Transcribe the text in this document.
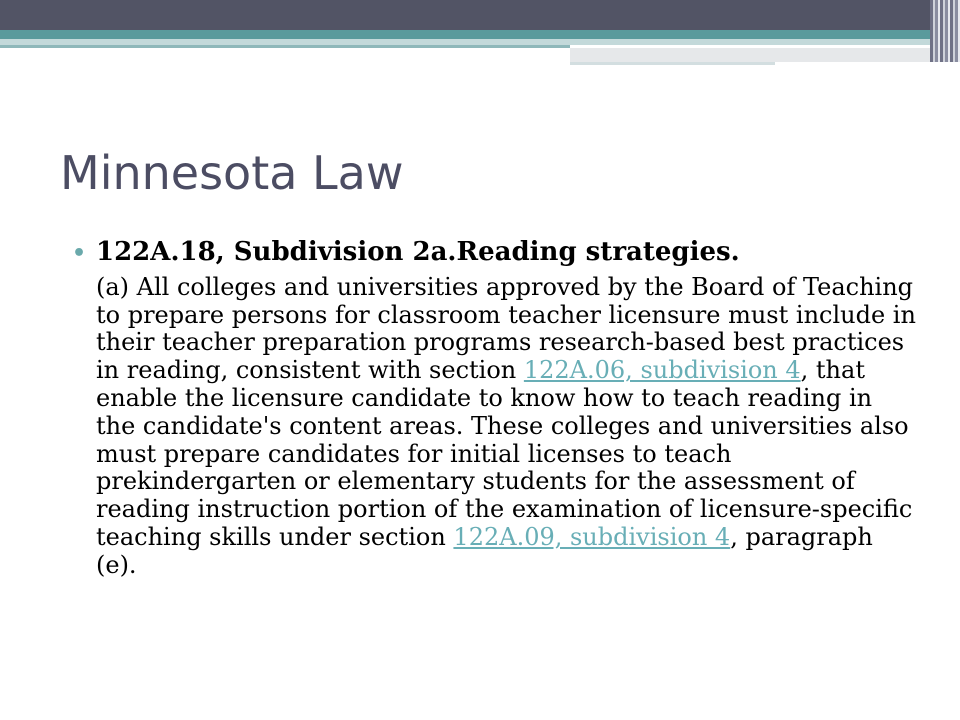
Minnesota Law

• 122A.18, Subdivision 2a.Reading strategies.

(a) All colleges and universities approved by the Board of Teaching to prepare persons for classroom teacher licensure must include in their teacher preparation programs research-based best practices in reading, consistent with section 122A.06, subdivision 4, that enable the licensure candidate to know how to teach reading in the candidate's content areas. These colleges and universities also must prepare candidates for initial licenses to teach prekindergarten or elementary students for the assessment of reading instruction portion of the examination of licensure-specific teaching skills under section 122A.09, subdivision 4, paragraph (e).
